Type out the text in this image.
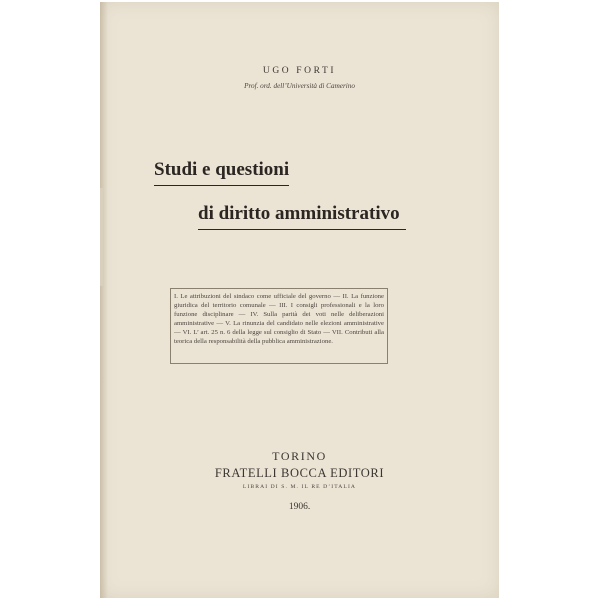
UGO FORTI
Prof. ord. dell’Università di Camerino
Studi e questioni
di diritto amministrativo

I. Le attribuzioni del sindaco come ufficiale del governo — II. La funzione giuridica del territorio comunale — III. I consigli professionali e la loro funzione disciplinare — IV. Sulla parità dei voti nelle deliberazioni amministrative — V. La rinunzia del candidato nelle elezioni amministrative — VI. L’ art. 25 n. 6 della legge sul consiglio di Stato — VII. Contributi alla teorica della responsabilità della pubblica amministrazione.

TORINO
FRATELLI BOCCA EDITORI
LIBRAI DI S. M. IL RE D’ITALIA
1906.
